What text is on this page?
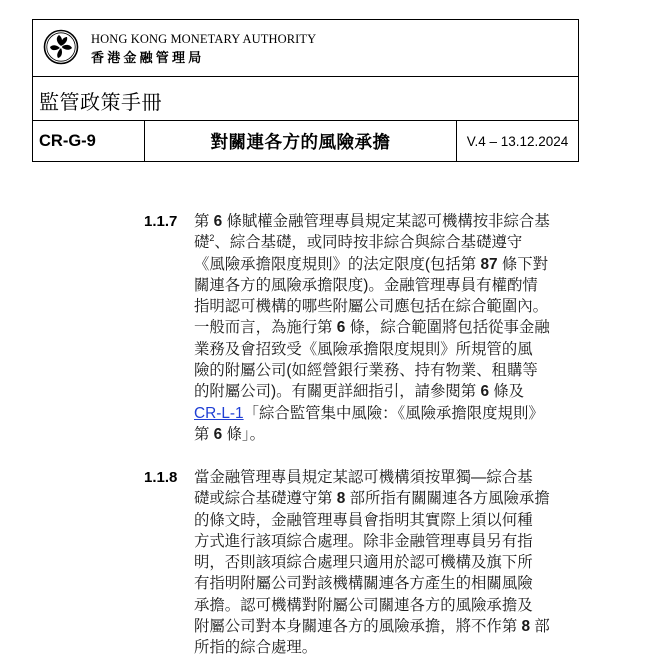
HONG KONG MONETARY AUTHORITY
香港金融管理局
監管政策手冊
CR-G-9	對關連各方的風險承擔	V.4 – 13.12.2024
1.1.7 第 6 條賦權金融管理專員規定某認可機構按非綜合基
礎$^2$、綜合基礎，或同時按非綜合與綜合基礎遵守
《風險承擔限度規則》的法定限度(包括第 87 條下對
關連各方的風險承擔限度)。金融管理專員有權酌情
指明認可機構的哪些附屬公司應包括在綜合範圍內。
一般而言，為施行第 6 條，綜合範圍將包括從事金融
業務及會招致受《風險承擔限度規則》所規管的風
險的附屬公司(如經營銀行業務、持有物業、租購等
的附屬公司)。有關更詳細指引，請參閱第 6 條及
CR-L-1「綜合監管集中風險：《風險承擔限度規則》
第 6 條」。
1.1.8 當金融管理專員規定某認可機構須按單獨—綜合基
礎或綜合基礎遵守第 8 部所指有關關連各方風險承擔
的條文時，金融管理專員會指明其實際上須以何種
方式進行該項綜合處理。除非金融管理專員另有指
明，否則該項綜合處理只適用於認可機構及旗下所
有指明附屬公司對該機構關連各方產生的相關風險
承擔。認可機構對附屬公司關連各方的風險承擔及
附屬公司對本身關連各方的風險承擔，將不作第 8 部
所指的綜合處理。
